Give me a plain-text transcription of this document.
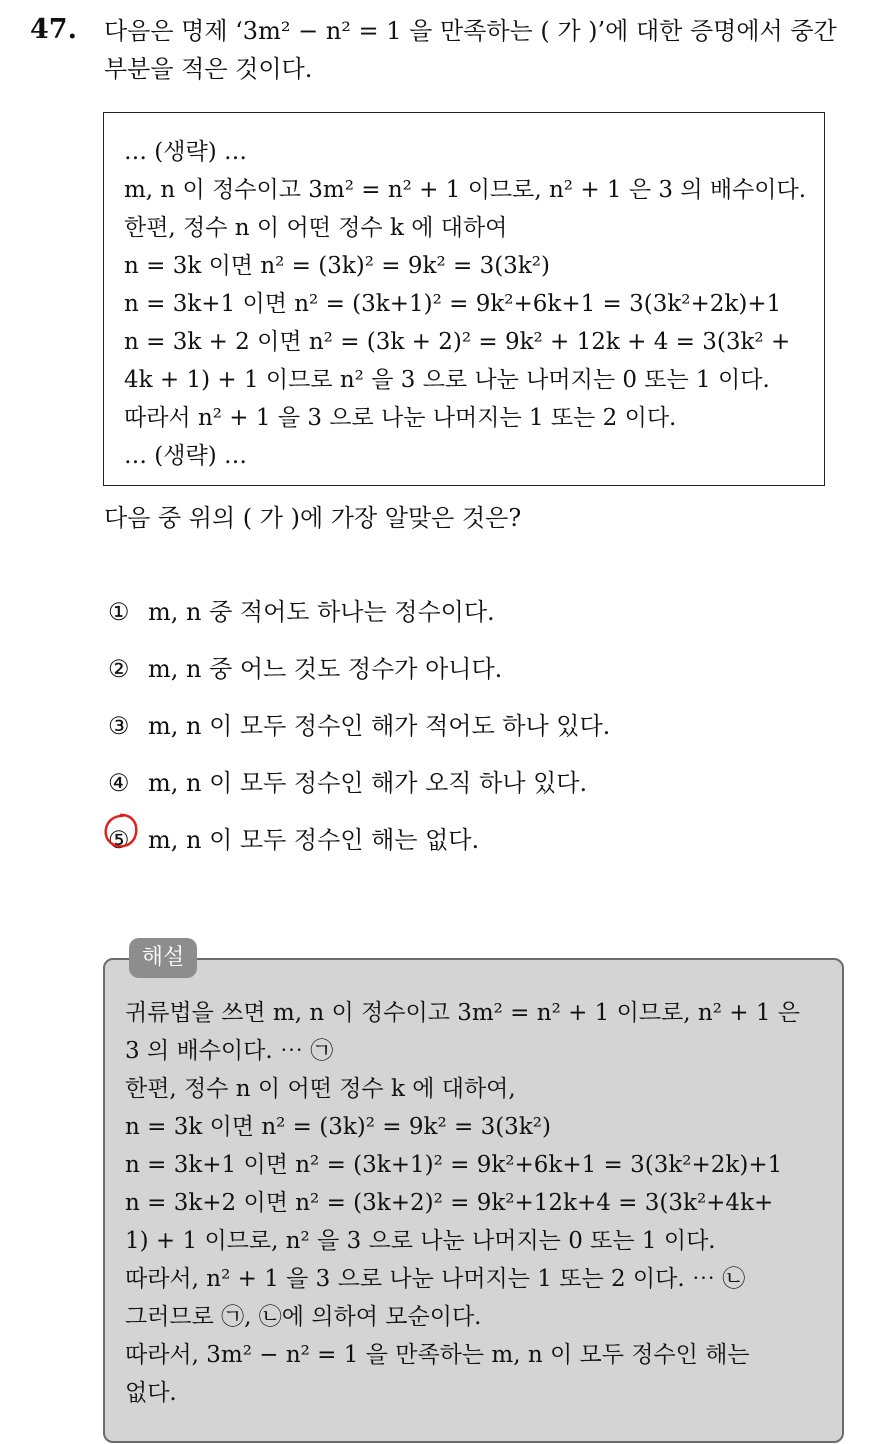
47. 다음은 명제 ‘3m² − n² = 1 을 만족하는 ( 가 )’에 대한 증명에서 중간
부분을 적은 것이다.
… (생략) …
m, n 이 정수이고 3m² = n² + 1 이므로, n² + 1 은 3 의 배수이다.
한편, 정수 n 이 어떤 정수 k 에 대하여
n = 3k 이면 n² = (3k)² = 9k² = 3(3k²)
n = 3k+1 이면 n² = (3k+1)² = 9k²+6k+1 = 3(3k²+2k)+1
n = 3k + 2 이면 n² = (3k + 2)² = 9k² + 12k + 4 = 3(3k² +
4k + 1) + 1 이므로 n² 을 3 으로 나눈 나머지는 0 또는 1 이다.
따라서 n² + 1 을 3 으로 나눈 나머지는 1 또는 2 이다.
… (생략) …
다음 중 위의 ( 가 )에 가장 알맞은 것은?
① m, n 중 적어도 하나는 정수이다.
② m, n 중 어느 것도 정수가 아니다.
③ m, n 이 모두 정수인 해가 적어도 하나 있다.
④ m, n 이 모두 정수인 해가 오직 하나 있다.
⑤ m, n 이 모두 정수인 해는 없다.
해설
귀류법을 쓰면 m, n 이 정수이고 3m² = n² + 1 이므로, n² + 1 은
3 의 배수이다. ⋯ ㉠
한편, 정수 n 이 어떤 정수 k 에 대하여,
n = 3k 이면 n² = (3k)² = 9k² = 3(3k²)
n = 3k+1 이면 n² = (3k+1)² = 9k²+6k+1 = 3(3k²+2k)+1
n = 3k+2 이면 n² = (3k+2)² = 9k²+12k+4 = 3(3k²+4k+
1) + 1 이므로, n² 을 3 으로 나눈 나머지는 0 또는 1 이다.
따라서, n² + 1 을 3 으로 나눈 나머지는 1 또는 2 이다. ⋯ ㉡
그러므로 ㉠, ㉡에 의하여 모순이다.
따라서, 3m² − n² = 1 을 만족하는 m, n 이 모두 정수인 해는
없다.
